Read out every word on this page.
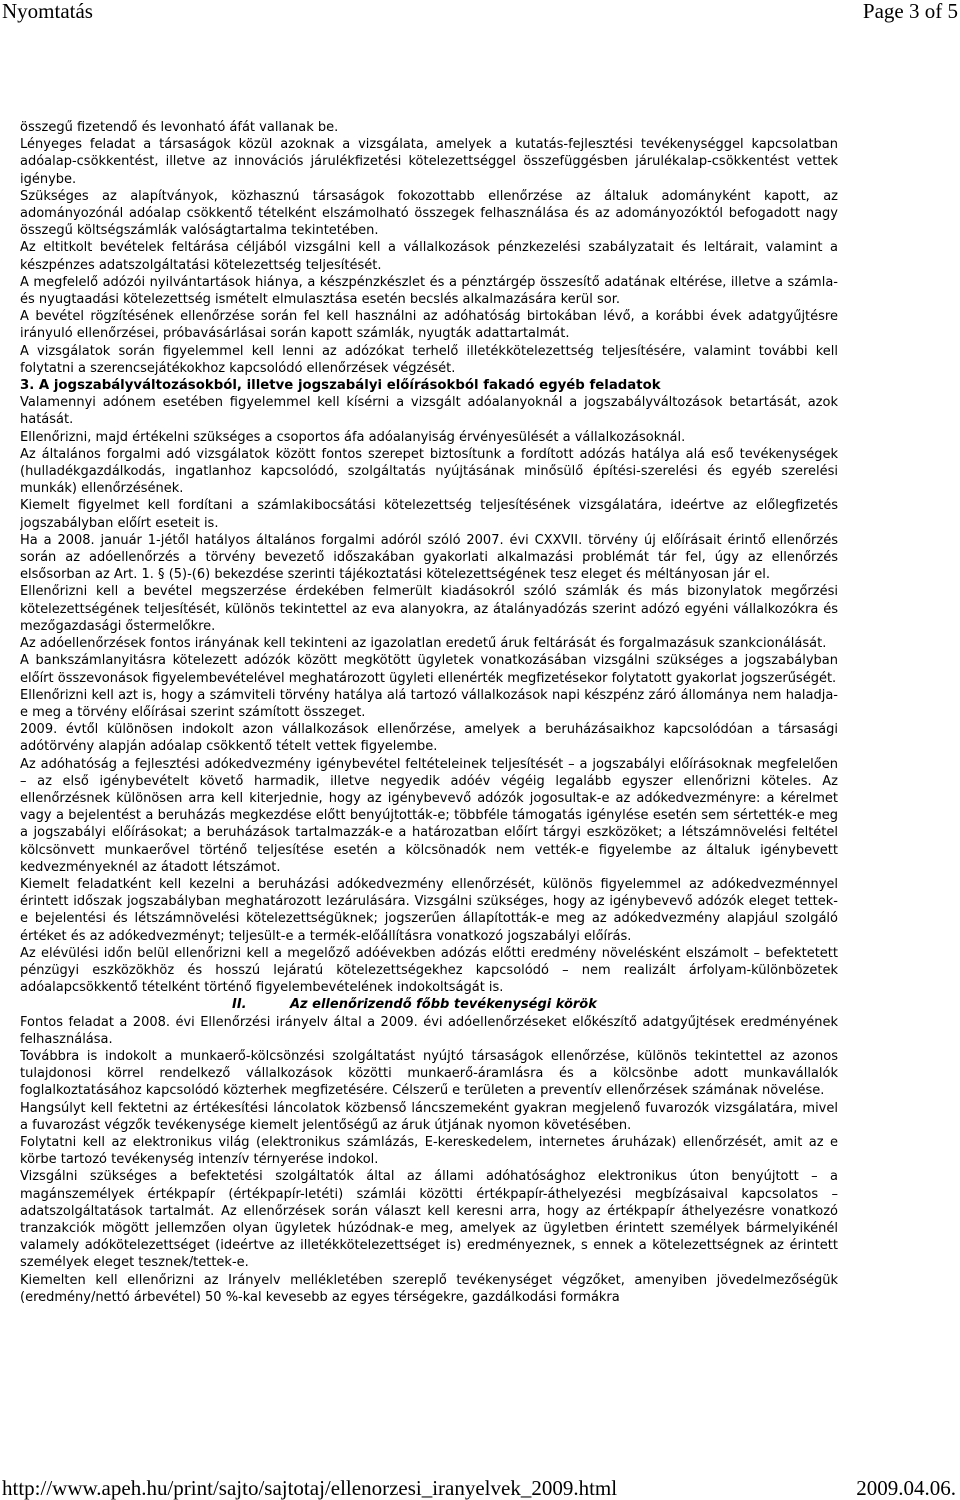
Nyomtatás	Page 3 of 5

összegű fizetendő és levonható áfát vallanak be.

Lényeges feladat a társaságok közül azoknak a vizsgálata, amelyek a kutatás-fejlesztési tevékenységgel kapcsolatban adóalap-csökkentést, illetve az innovációs járulékfizetési kötelezettséggel összefüggésben járulékalap-csökkentést vettek igénybe.

Szükséges az alapítványok, közhasznú társaságok fokozottabb ellenőrzése az általuk adományként kapott, az adományozónál adóalap csökkentő tételként elszámolható összegek felhasználása és az adományozóktól befogadott nagy összegű költségszámlák valóságtartalma tekintetében.

Az eltitkolt bevételek feltárása céljából vizsgálni kell a vállalkozások pénzkezelési szabályzatait és leltárait, valamint a készpénzes adatszolgáltatási kötelezettség teljesítését.

A megfelelő adózói nyilvántartások hiánya, a készpénzkészlet és a pénztárgép összesítő adatának eltérése, illetve a számla- és nyugtaadási kötelezettség ismételt elmulasztása esetén becslés alkalmazására kerül sor.

A bevétel rögzítésének ellenőrzése során fel kell használni az adóhatóság birtokában lévő, a korábbi évek adatgyűjtésre irányuló ellenőrzései, próbavásárlásai során kapott számlák, nyugták adattartalmát.

A vizsgálatok során figyelemmel kell lenni az adózókat terhelő illetékkötelezettség teljesítésére, valamint további kell folytatni a szerencsejátékokhoz kapcsolódó ellenőrzések végzését.

3. A jogszabályváltozásokból, illetve jogszabályi előírásokból fakadó egyéb feladatok

Valamennyi adónem esetében figyelemmel kell kísérni a vizsgált adóalanyoknál a jogszabályváltozások betartását, azok hatását.

Ellenőrizni, majd értékelni szükséges a csoportos áfa adóalanyiság érvényesülését a vállalkozásoknál.

Az általános forgalmi adó vizsgálatok között fontos szerepet biztosítunk a fordított adózás hatálya alá eső tevékenységek (hulladékgazdálkodás, ingatlanhoz kapcsolódó, szolgáltatás nyújtásának minősülő építési-szerelési és egyéb szerelési munkák) ellenőrzésének.

Kiemelt figyelmet kell fordítani a számlakibocsátási kötelezettség teljesítésének vizsgálatára, ideértve az előlegfizetés jogszabályban előírt eseteit is.

Ha a 2008. január 1-jétől hatályos általános forgalmi adóról szóló 2007. évi CXXVII. törvény új előírásait érintő ellenőrzés során az adóellenőrzés a törvény bevezető időszakában gyakorlati alkalmazási problémát tár fel, úgy az ellenőrzés elsősorban az Art. 1. § (5)-(6) bekezdése szerinti tájékoztatási kötelezettségének tesz eleget és méltányosan jár el.

Ellenőrizni kell a bevétel megszerzése érdekében felmerült kiadásokról szóló számlák és más bizonylatok megőrzési kötelezettségének teljesítését, különös tekintettel az eva alanyokra, az átalányadózás szerint adózó egyéni vállalkozókra és mezőgazdasági őstermelőkre.

Az adóellenőrzések fontos irányának kell tekinteni az igazolatlan eredetű áruk feltárását és forgalmazásuk szankcionálását.

A bankszámlanyitásra kötelezett adózók között megkötött ügyletek vonatkozásában vizsgálni szükséges a jogszabályban előírt összevonások figyelembevételével meghatározott ügyleti ellenérték megfizetésekor folytatott gyakorlat jogszerűségét.

Ellenőrizni kell azt is, hogy a számviteli törvény hatálya alá tartozó vállalkozások napi készpénz záró állománya nem haladja-e meg a törvény előírásai szerint számított összeget.

2009. évtől különösen indokolt azon vállalkozások ellenőrzése, amelyek a beruházásaikhoz kapcsolódóan a társasági adótörvény alapján adóalap csökkentő tételt vettek figyelembe.

Az adóhatóság a fejlesztési adókedvezmény igénybevétel feltételeinek teljesítését – a jogszabályi előírásoknak megfelelően – az első igénybevételt követő harmadik, illetve negyedik adóév végéig legalább egyszer ellenőrizni köteles. Az ellenőrzésnek különösen arra kell kiterjednie, hogy az igénybevevő adózók jogosultak-e az adókedvezményre: a kérelmet vagy a bejelentést a beruházás megkezdése előtt benyújtották-e; többféle támogatás igénylése esetén sem sértették-e meg a jogszabályi előírásokat; a beruházások tartalmazzák-e a határozatban előírt tárgyi eszközöket; a létszámnövelési feltétel kölcsönvett munkaerővel történő teljesítése esetén a kölcsönadók nem vették-e figyelembe az általuk igénybevett kedvezményeknél az átadott létszámot.

Kiemelt feladatként kell kezelni a beruházási adókedvezmény ellenőrzését, különös figyelemmel az adókedvezménnyel érintett időszak jogszabályban meghatározott lezárulására. Vizsgálni szükséges, hogy az igénybevevő adózók eleget tettek-e bejelentési és létszámnövelési kötelezettségüknek; jogszerűen állapították-e meg az adókedvezmény alapjául szolgáló értéket és az adókedvezményt; teljesült-e a termék-előállításra vonatkozó jogszabályi előírás.

Az elévülési időn belül ellenőrizni kell a megelőző adóévekben adózás előtti eredmény növelésként elszámolt – befektetett pénzügyi eszközökhöz és hosszú lejáratú kötelezettségekhez kapcsolódó – nem realizált árfolyam-különbözetek adóalapcsökkentő tételként történő figyelembevételének indokoltságát is.

II.	Az ellenőrizendő főbb tevékenységi körök

Fontos feladat a 2008. évi Ellenőrzési irányelv által a 2009. évi adóellenőrzéseket előkészítő adatgyűjtések eredményének felhasználása.

Továbbra is indokolt a munkaerő-kölcsönzési szolgáltatást nyújtó társaságok ellenőrzése, különös tekintettel az azonos tulajdonosi körrel rendelkező vállalkozások közötti munkaerő-áramlásra és a kölcsönbe adott munkavállalók foglalkoztatásához kapcsolódó közterhek megfizetésére. Célszerű e területen a preventív ellenőrzések számának növelése.

Hangsúlyt kell fektetni az értékesítési láncolatok közbenső láncszemeként gyakran megjelenő fuvarozók vizsgálatára, mivel a fuvarozást végzők tevékenysége kiemelt jelentőségű az áruk útjának nyomon követésében.

Folytatni kell az elektronikus világ (elektronikus számlázás, E-kereskedelem, internetes áruházak) ellenőrzését, amit az e körbe tartozó tevékenység intenzív térnyerése indokol.

Vizsgálni szükséges a befektetési szolgáltatók által az állami adóhatósághoz elektronikus úton benyújtott – a magánszemélyek értékpapír (értékpapír-letéti) számlái közötti értékpapír-áthelyezési megbízásaival kapcsolatos – adatszolgáltatások tartalmát. Az ellenőrzések során választ kell keresni arra, hogy az értékpapír áthelyezésre vonatkozó tranzakciók mögött jellemzően olyan ügyletek húzódnak-e meg, amelyek az ügyletben érintett személyek bármelyikénél valamely adókötelezettséget (ideértve az illetékkötelezettséget is) eredményeznek, s ennek a kötelezettségnek az érintett személyek eleget tesznek/tettek-e.

Kiemelten kell ellenőrizni az Irányelv mellékletében szereplő tevékenységet végzőket, amenyiben jövedelmezőségük (eredmény/nettó árbevétel) 50 %-kal kevesebb az egyes térségekre, gazdálkodási formákra

http://www.apeh.hu/print/sajto/sajtotaj/ellenorzesi_iranyelvek_2009.html	2009.04.06.
